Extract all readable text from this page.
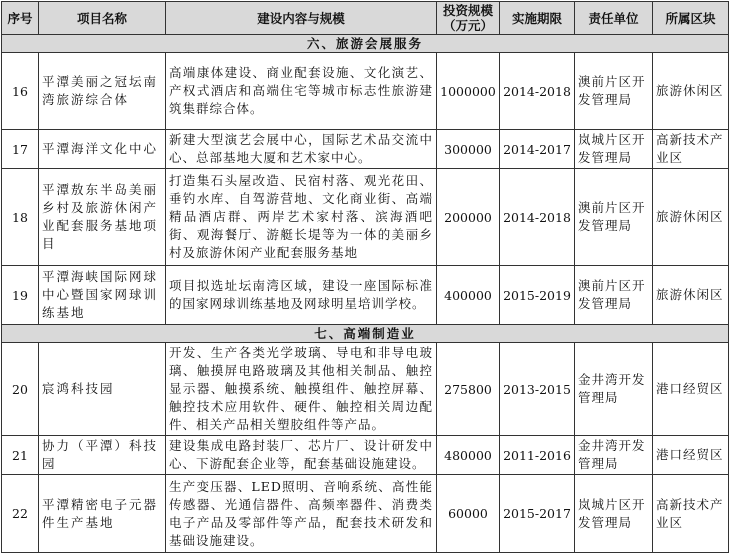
序号	项目名称	建设内容与规模	投资规模（万元）	实施期限	责任单位	所属区块
六、旅游会展服务						
16	平潭美丽之冠坛南湾旅游综合体	高端康体建设、商业配套设施、文化演艺、产权式酒店和高端住宅等城市标志性旅游建筑集群综合体。	1000000	2014-2018	澳前片区开发管理局	旅游休闲区
17	平潭海洋文化中心	新建大型演艺会展中心，国际艺术品交流中心、总部基地大厦和艺术家中心。	300000	2014-2017	岚城片区开发管理局	高新技术产业区
18	平潭敖东半岛美丽乡村及旅游休闲产业配套服务基地项目	打造集石头屋改造、民宿村落、观光花田、垂钓水库、自驾游营地、文化商业街、高端精品酒店群、两岸艺术家村落、滨海酒吧街、观海餐厅、游艇长堤等为一体的美丽乡村及旅游休闲产业配套服务基地	200000	2014-2018	澳前片区开发管理局	旅游休闲区
19	平潭海峡国际网球中心暨国家网球训练基地	项目拟选址坛南湾区域，建设一座国际标准的国家网球训练基地及网球明星培训学校。	400000	2015-2019	澳前片区开发管理局	旅游休闲区
七、高端制造业						
20	宸鸿科技园	开发、生产各类光学玻璃、导电和非导电玻璃、触摸屏电路玻璃及其他相关制品、触控显示器、触摸系统、触摸组件、触控屏幕、触控技术应用软件、硬件、触控相关周边配件、相关产品相关塑胶组件等产品。	275800	2013-2015	金井湾开发管理局	港口经贸区
21	协力（平潭）科技园	建设集成电路封装厂、芯片厂、设计研发中心、下游配套企业等，配套基础设施建设。	480000	2011-2016	金井湾开发管理局	港口经贸区
22	平潭精密电子元器件生产基地	生产变压器、LED照明、音响系统、高性能传感器、光通信器件、高频率器件、消费类电子产品及零部件等产品，配套技术研发和基础设施建设。	60000	2015-2017	岚城片区开发管理局	高新技术产业区
